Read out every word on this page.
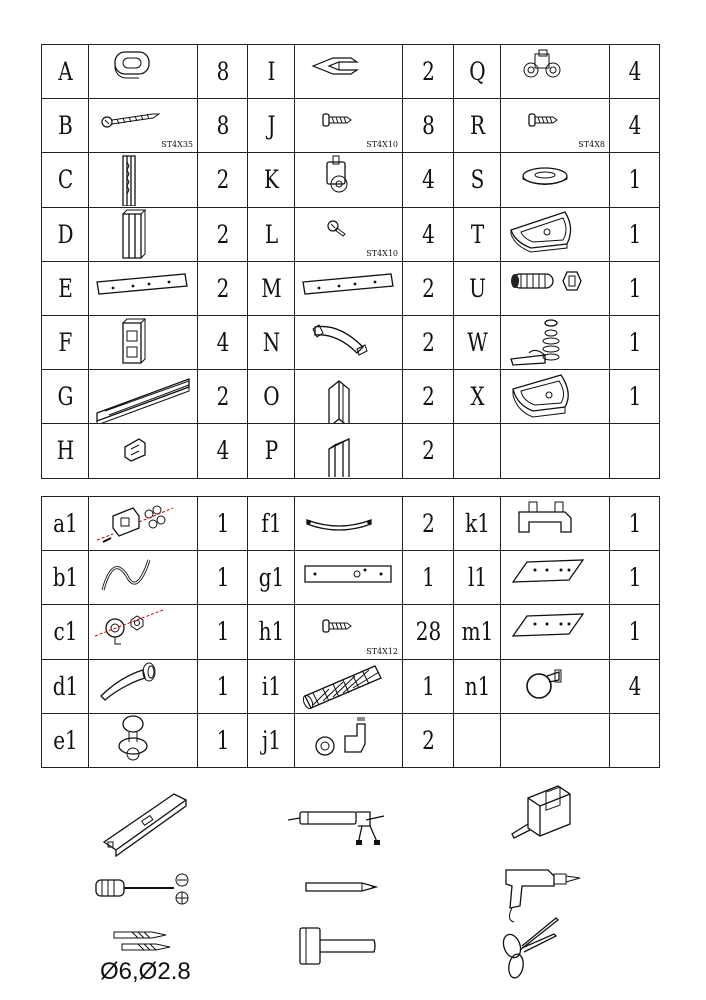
A		8	I		2	Q		4
B	ST4X35	8	J	ST4X10	8	R	ST4X8	4
C		2	K		4	S		1
D		2	L	ST4X10	4	T		1
E		2	M		2	U		1
F		4	N		2	W		1
G		2	O		2	X		1
H		4	P		2			
a1		1	f1		2	k1		1
b1		1	g1		1	l1		1
c1		1	h1	ST4X12	28	m1		1
d1		1	i1		1	n1		4
e1		1	j1		2			
Ø6,Ø2.8
